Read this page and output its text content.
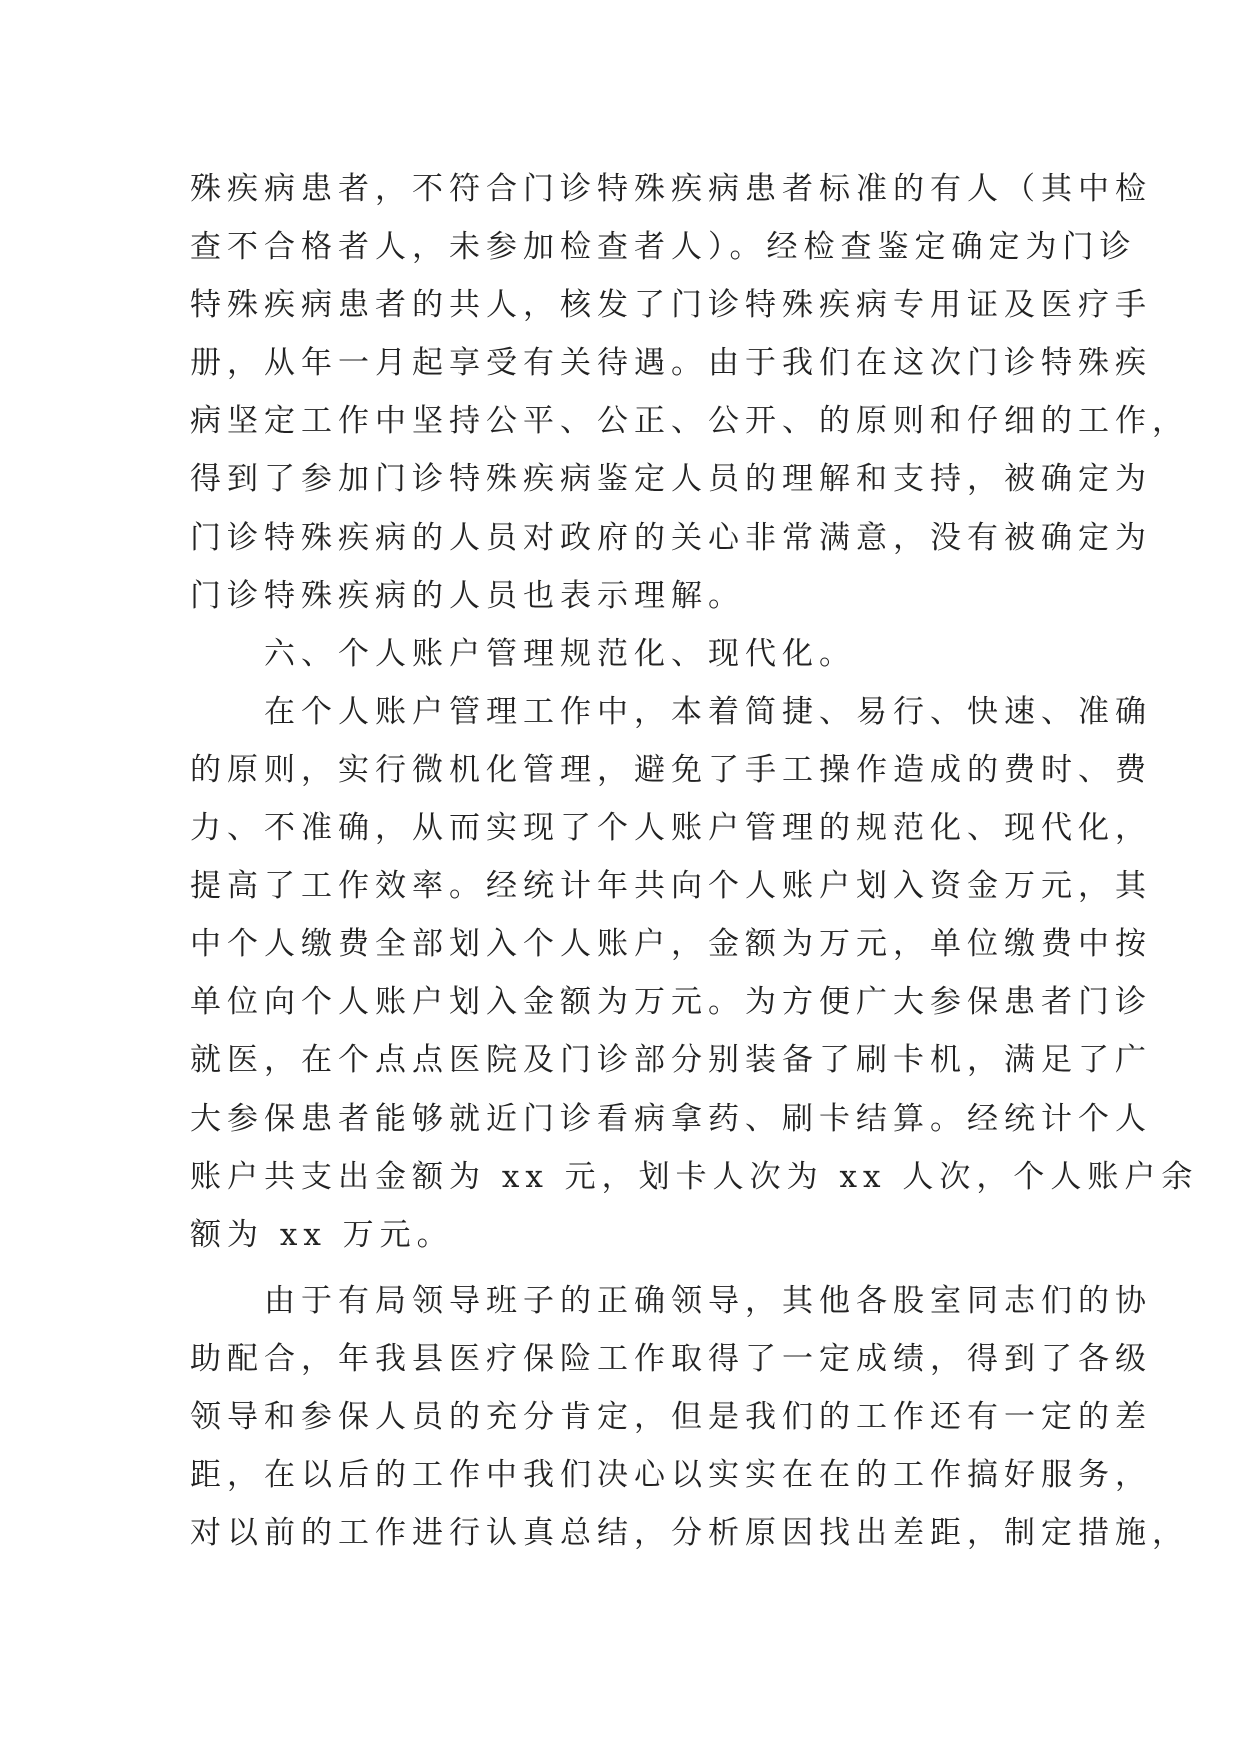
殊疾病患者，不符合门诊特殊疾病患者标准的有人（其中检

查不合格者人，未参加检查者人）。经检查鉴定确定为门诊

特殊疾病患者的共人，核发了门诊特殊疾病专用证及医疗手

册，从年一月起享受有关待遇。由于我们在这次门诊特殊疾

病坚定工作中坚持公平、公正、公开、的原则和仔细的工作，

得到了参加门诊特殊疾病鉴定人员的理解和支持，被确定为

门诊特殊疾病的人员对政府的关心非常满意，没有被确定为

门诊特殊疾病的人员也表示理解。

　　六、个人账户管理规范化、现代化。

　　在个人账户管理工作中，本着简捷、易行、快速、准确

的原则，实行微机化管理，避免了手工操作造成的费时、费

力、不准确，从而实现了个人账户管理的规范化、现代化，

提高了工作效率。经统计年共向个人账户划入资金万元，其

中个人缴费全部划入个人账户，金额为万元，单位缴费中按

单位向个人账户划入金额为万元。为方便广大参保患者门诊

就医，在个点点医院及门诊部分别装备了刷卡机，满足了广

大参保患者能够就近门诊看病拿药、刷卡结算。经统计个人

账户共支出金额为 xx 元，划卡人次为 xx 人次，个人账户余

额为 xx 万元。

　　由于有局领导班子的正确领导，其他各股室同志们的协

助配合，年我县医疗保险工作取得了一定成绩，得到了各级

领导和参保人员的充分肯定，但是我们的工作还有一定的差

距，在以后的工作中我们决心以实实在在的工作搞好服务，

对以前的工作进行认真总结，分析原因找出差距，制定措施，
